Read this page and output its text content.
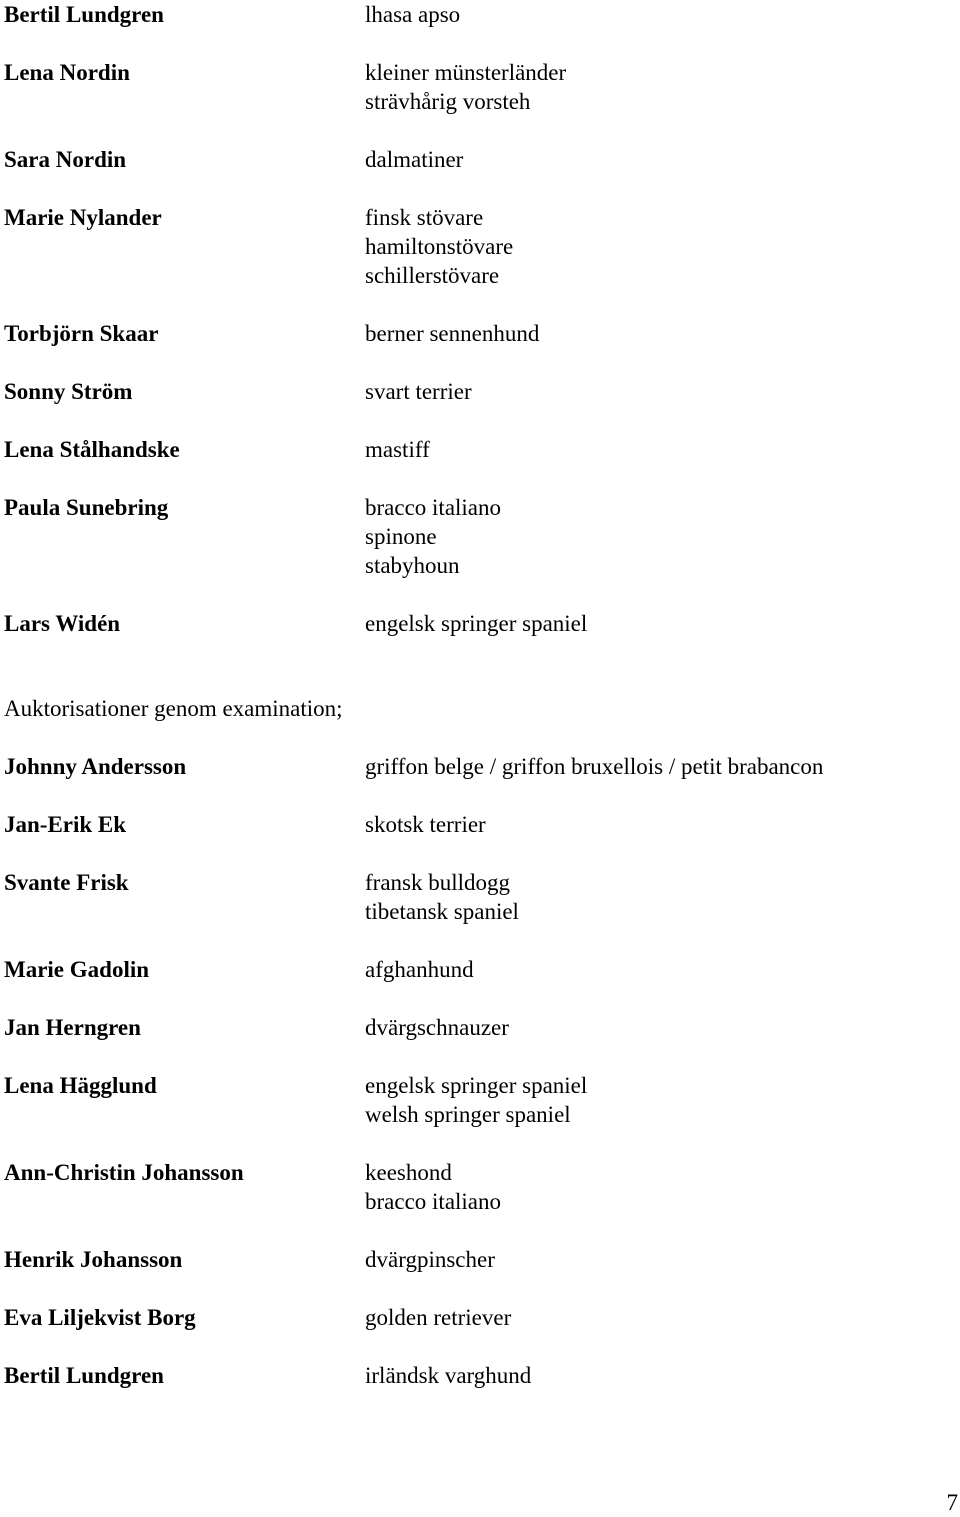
Bertil Lundgren	lhasa apso
Lena Nordin	kleiner münsterländer
strävhårig vorsteh
Sara Nordin	dalmatiner
Marie Nylander	finsk stövare
hamiltonstövare
schillerstövare
Torbjörn Skaar	berner sennenhund
Sonny Ström	svart terrier
Lena Stålhandske	mastiff
Paula Sunebring	bracco italiano
spinone
stabyhoun
Lars Widén	engelsk springer spaniel
Auktorisationer genom examination;
Johnny Andersson	griffon belge / griffon bruxellois / petit brabancon
Jan-Erik Ek	skotsk terrier
Svante Frisk	fransk bulldogg
tibetansk spaniel
Marie Gadolin	afghanhund
Jan Herngren	dvärgschnauzer
Lena Hägglund	engelsk springer spaniel
welsh springer spaniel
Ann-Christin Johansson	keeshond
bracco italiano
Henrik Johansson	dvärgpinscher
Eva Liljekvist Borg	golden retriever
Bertil Lundgren	irländsk varghund
7
